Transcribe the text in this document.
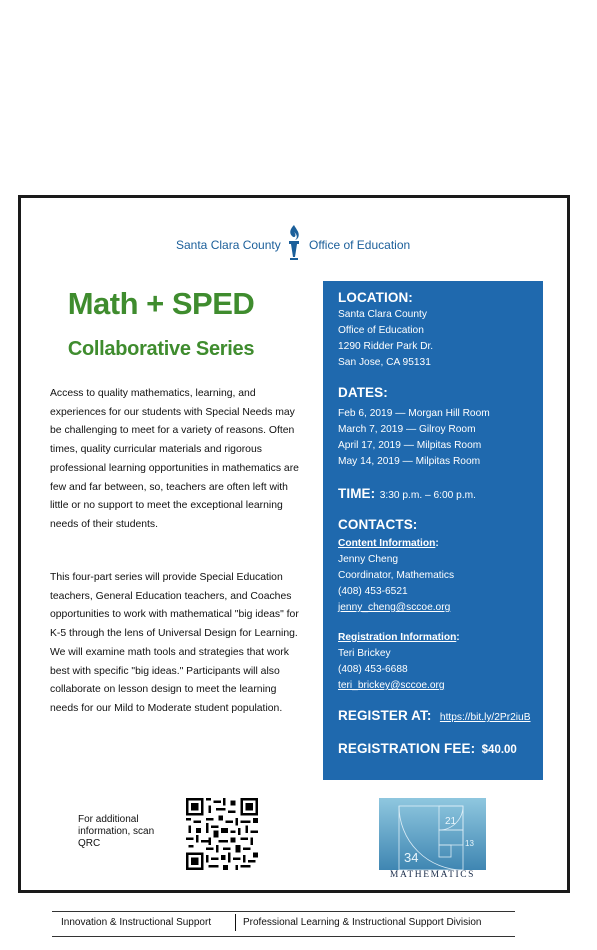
Santa Clara County Office of Education
Math + SPED
Collaborative Series

Access to quality mathematics, learning, and experiences for our students with Special Needs may be challenging to meet for a variety of reasons. Often times, quality curricular materials and rigorous professional learning opportunities in mathematics are few and far between, so, teachers are often left with little or no support to meet the exceptional learning needs of their students.

This four-part series will provide Special Education teachers, General Education teachers, and Coaches opportunities to work with mathematical "big ideas" for K-5 through the lens of Universal Design for Learning. We will examine math tools and strategies that work best with specific "big ideas." Participants will also collaborate on lesson design to meet the learning needs for our Mild to Moderate student population.

LOCATION:
Santa Clara County
Office of Education
1290 Ridder Park Dr.
San Jose, CA 95131
DATES:
Feb 6, 2019 — Morgan Hill Room
March 7, 2019 — Gilroy Room
April 17, 2019 — Milpitas Room
May 14, 2019 — Milpitas Room
TIME: 3:30 p.m. – 6:00 p.m.
CONTACTS:
Content Information:
Jenny Cheng
Coordinator, Mathematics
(408) 453-6521
jenny_cheng@sccoe.org
Registration Information:
Teri Brickey
(408) 453-6688
teri_brickey@sccoe.org
REGISTER AT: https://bit.ly/2Pr2iuB
REGISTRATION FEE: $40.00
For additional information, scan QRC
21
13
34
MATHEMATICS
Innovation & Instructional Support	Professional Learning & Instructional Support Division
